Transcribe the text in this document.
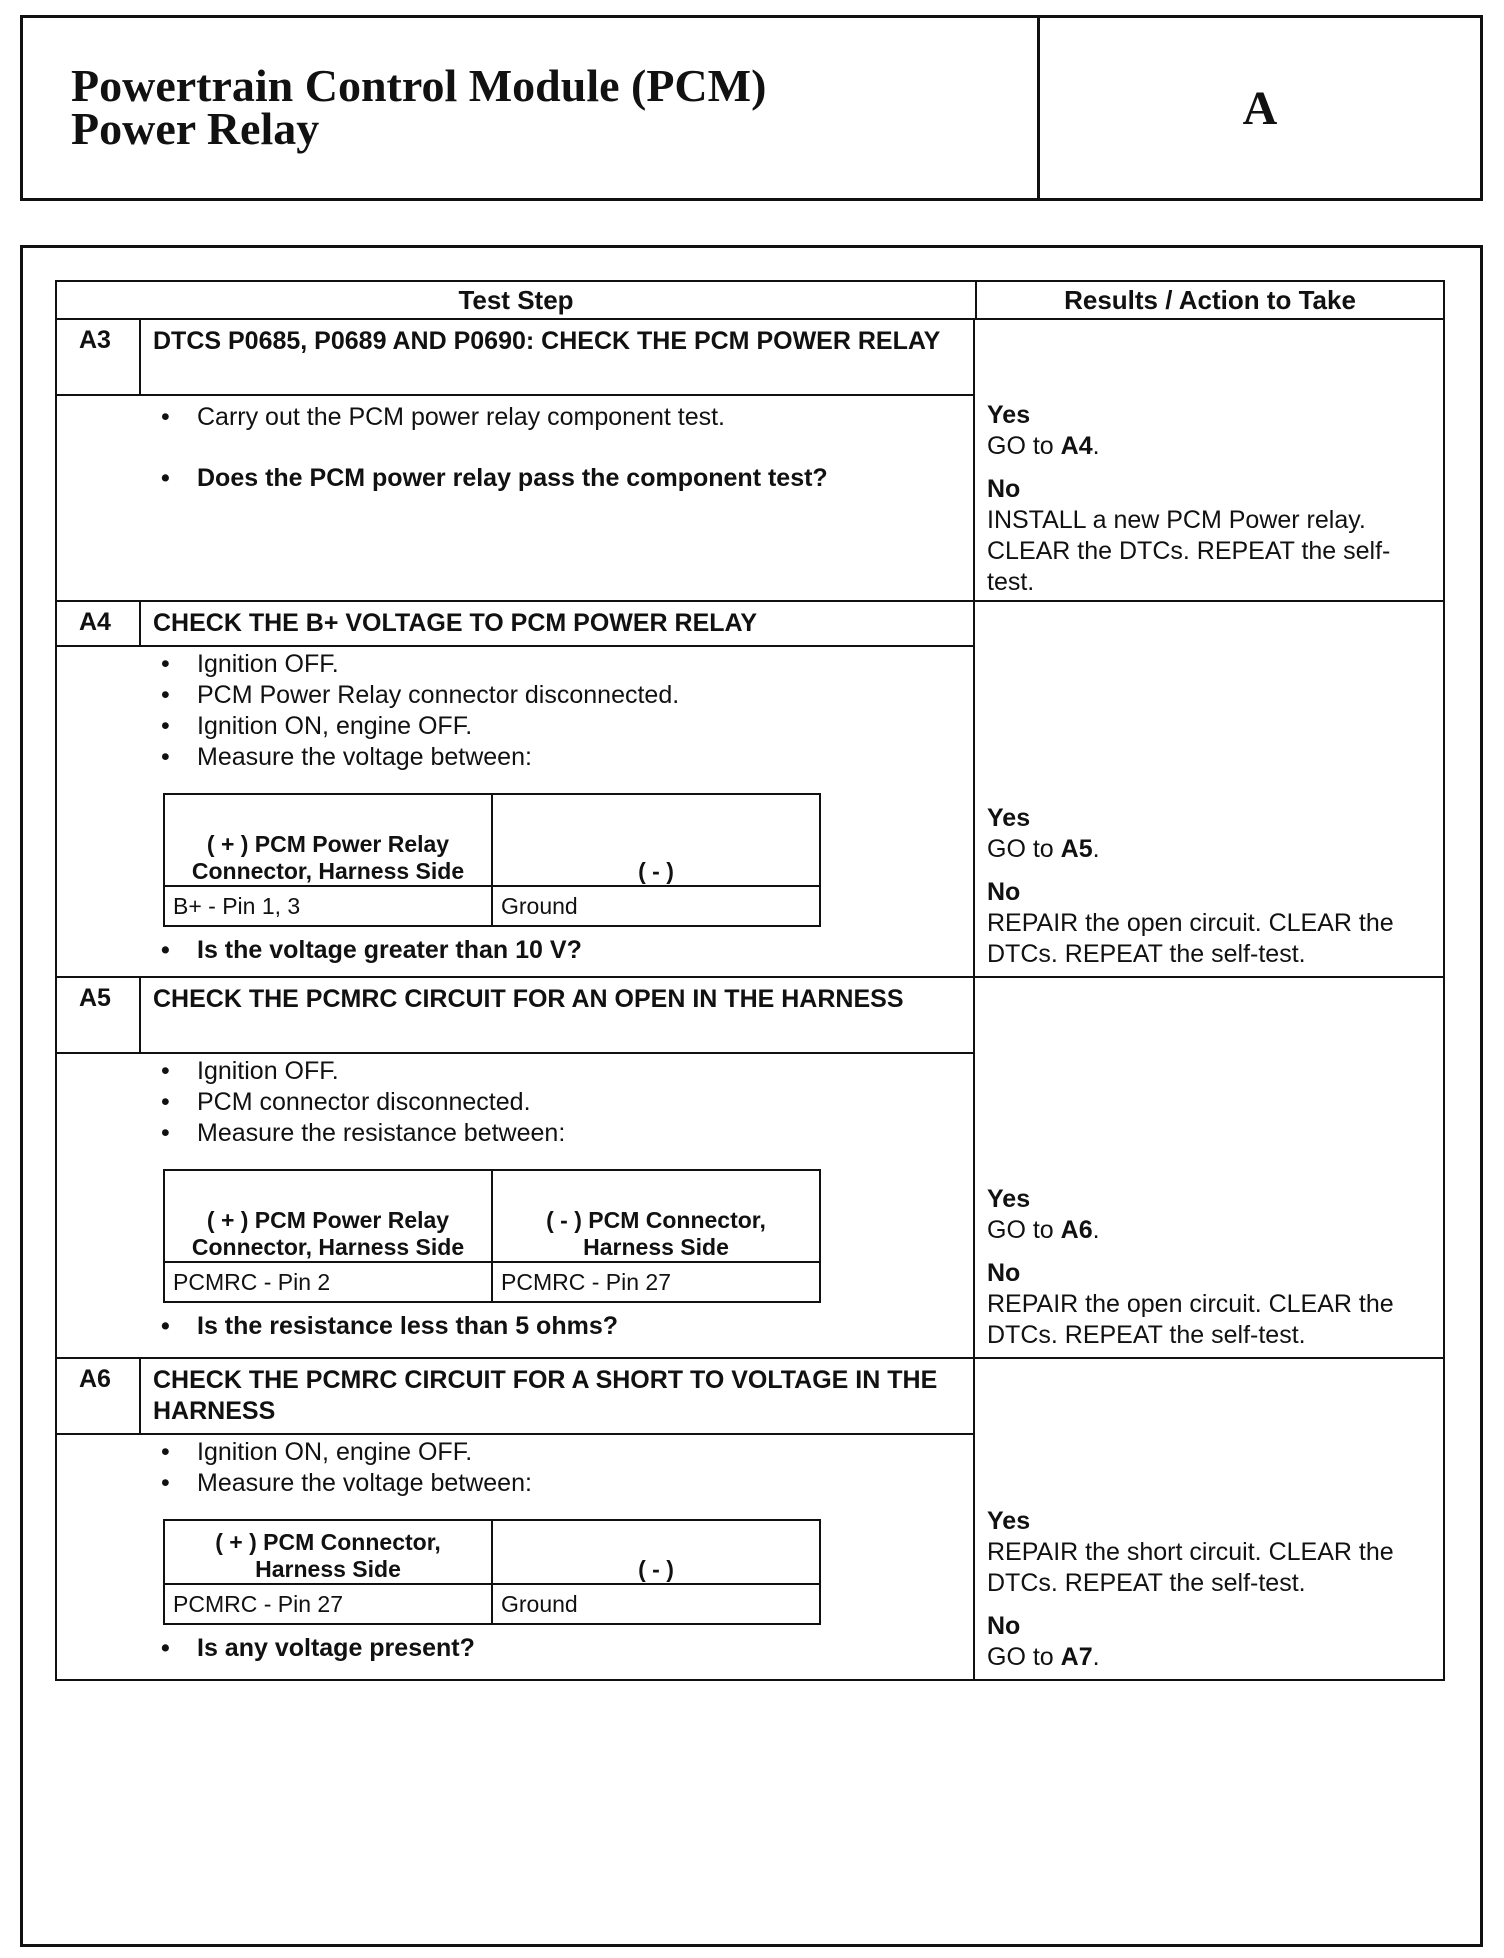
Powertrain Control Module (PCM)
Power Relay	A
Test Step	Results / Action to Take
A3	DTCS P0685, P0689 AND P0690: CHECK THE PCM POWER RELAY
• Carry out the PCM power relay component test.
• Does the PCM power relay pass the component test?
Yes
GO to A4.
No
INSTALL a new PCM Power relay. CLEAR the DTCs. REPEAT the self-test.
A4	CHECK THE B+ VOLTAGE TO PCM POWER RELAY
• Ignition OFF.
• PCM Power Relay connector disconnected.
• Ignition ON, engine OFF.
• Measure the voltage between:
( + ) PCM Power Relay Connector, Harness Side	( - )
B+ - Pin 1, 3	Ground
• Is the voltage greater than 10 V?
Yes
GO to A5.
No
REPAIR the open circuit. CLEAR the DTCs. REPEAT the self-test.
A5	CHECK THE PCMRC CIRCUIT FOR AN OPEN IN THE HARNESS
• Ignition OFF.
• PCM connector disconnected.
• Measure the resistance between:
( + ) PCM Power Relay Connector, Harness Side	( - ) PCM Connector, Harness Side
PCMRC - Pin 2	PCMRC - Pin 27
• Is the resistance less than 5 ohms?
Yes
GO to A6.
No
REPAIR the open circuit. CLEAR the DTCs. REPEAT the self-test.
A6	CHECK THE PCMRC CIRCUIT FOR A SHORT TO VOLTAGE IN THE HARNESS
• Ignition ON, engine OFF.
• Measure the voltage between:
( + ) PCM Connector, Harness Side	( - )
PCMRC - Pin 27	Ground
• Is any voltage present?
Yes
REPAIR the short circuit. CLEAR the DTCs. REPEAT the self-test.
No
GO to A7.
